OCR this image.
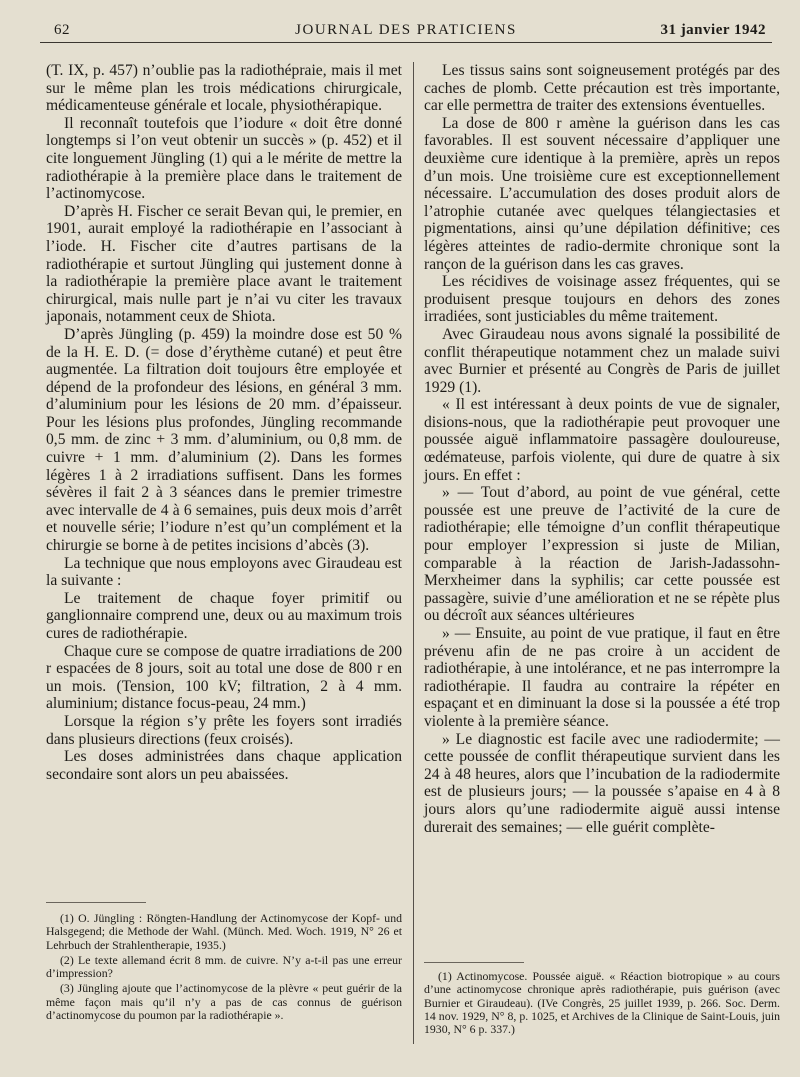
62	JOURNAL DES PRATICIENS	31 janvier 1942

(T. IX, p. 457) n’oublie pas la radiothépraie, mais il met sur le même plan les trois médications chirurgicale, médicamenteuse générale et locale, physiothérapique.

Il reconnaît toutefois que l’iodure « doit être donné longtemps si l’on veut obtenir un succès » (p. 452) et il cite longuement Jüngling (1) qui a le mérite de mettre la radiothérapie à la première place dans le traitement de l’actinomycose.

D’après H. Fischer ce serait Bevan qui, le premier, en 1901, aurait employé la radiothérapie en l’associant à l’iode. H. Fischer cite d’autres partisans de la radiothérapie et surtout Jüngling qui justement donne à la radiothérapie la première place avant le traitement chirurgical, mais nulle part je n’ai vu citer les travaux japonais, notamment ceux de Shiota.

D’après Jüngling (p. 459) la moindre dose est 50 % de la H. E. D. (= dose d’érythème cutané) et peut être augmentée. La filtration doit toujours être employée et dépend de la profondeur des lésions, en général 3 mm. d’aluminium pour les lésions de 20 mm. d’épaisseur. Pour les lésions plus profondes, Jüngling recommande 0,5 mm. de zinc + 3 mm. d’aluminium, ou 0,8 mm. de cuivre + 1 mm. d’aluminium (2). Dans les formes légères 1 à 2 irradiations suffisent. Dans les formes sévères il fait 2 à 3 séances dans le premier trimestre avec intervalle de 4 à 6 semaines, puis deux mois d’arrêt et nouvelle série; l’iodure n’est qu’un complément et la chirurgie se borne à de petites incisions d’abcès (3).

La technique que nous employons avec Giraudeau est la suivante :

Le traitement de chaque foyer primitif ou ganglionnaire comprend une, deux ou au maximum trois cures de radiothérapie.

Chaque cure se compose de quatre irradiations de 200 r espacées de 8 jours, soit au total une dose de 800 r en un mois. (Tension, 100 kV; filtration, 2 à 4 mm. aluminium; distance focus-peau, 24 mm.)

Lorsque la région s’y prête les foyers sont irradiés dans plusieurs directions (feux croisés).

Les doses administrées dans chaque application secondaire sont alors un peu abaissées.

(1) O. Jüngling : Röngten-Handlung der Actinomycose der Kopf- und Halsgegend; die Methode der Wahl. (Münch. Med. Woch. 1919, N° 26 et Lehrbuch der Strahlentherapie, 1935.)

(2) Le texte allemand écrit 8 mm. de cuivre. N’y a-t-il pas une erreur d’impression?

(3) Jüngling ajoute que l’actinomycose de la plèvre « peut guérir de la même façon mais qu’il n’y a pas de cas connus de guérison d’actinomycose du poumon par la radiothérapie ».

Les tissus sains sont soigneusement protégés par des caches de plomb. Cette précaution est très importante, car elle permettra de traiter des extensions éventuelles.

La dose de 800 r amène la guérison dans les cas favorables. Il est souvent nécessaire d’appliquer une deuxième cure identique à la première, après un repos d’un mois. Une troisième cure est exceptionnellement nécessaire. L’accumulation des doses produit alors de l’atrophie cutanée avec quelques télangiectasies et pigmentations, ainsi qu’une dépilation définitive; ces légères atteintes de radio-dermite chronique sont la rançon de la guérison dans les cas graves.

Les récidives de voisinage assez fréquentes, qui se produisent presque toujours en dehors des zones irradiées, sont justiciables du même traitement.

Avec Giraudeau nous avons signalé la possibilité de conflit thérapeutique notamment chez un malade suivi avec Burnier et présenté au Congrès de Paris de juillet 1929 (1).

« Il est intéressant à deux points de vue de signaler, disions-nous, que la radiothérapie peut provoquer une poussée aiguë inflammatoire passagère douloureuse, œdémateuse, parfois violente, qui dure de quatre à six jours. En effet :

» — Tout d’abord, au point de vue général, cette poussée est une preuve de l’activité de la cure de radiothérapie; elle témoigne d’un conflit thérapeutique pour employer l’expression si juste de Milian, comparable à la réaction de Jarish-Jadassohn-Merxheimer dans la syphilis; car cette poussée est passagère, suivie d’une amélioration et ne se répète plus ou décroît aux séances ultérieures

» — Ensuite, au point de vue pratique, il faut en être prévenu afin de ne pas croire à un accident de radiothérapie, à une intolérance, et ne pas interrompre la radiothérapie. Il faudra au contraire la répéter en espaçant et en diminuant la dose si la poussée a été trop violente à la première séance.

» Le diagnostic est facile avec une radiodermite; — cette poussée de conflit thérapeutique survient dans les 24 à 48 heures, alors que l’incubation de la radiodermite est de plusieurs jours; — la poussée s’apaise en 4 à 8 jours alors qu’une radiodermite aiguë aussi intense durerait des semaines; — elle guérit complète-

(1) Actinomycose. Poussée aiguë. « Réaction biotropique » au cours d’une actinomycose chronique après radiothérapie, puis guérison (avec Burnier et Giraudeau). (IVe Congrès, 25 juillet 1939, p. 266. Soc. Derm. 14 nov. 1929, N° 8, p. 1025, et Archives de la Clinique de Saint-Louis, juin 1930, N° 6 p. 337.)
